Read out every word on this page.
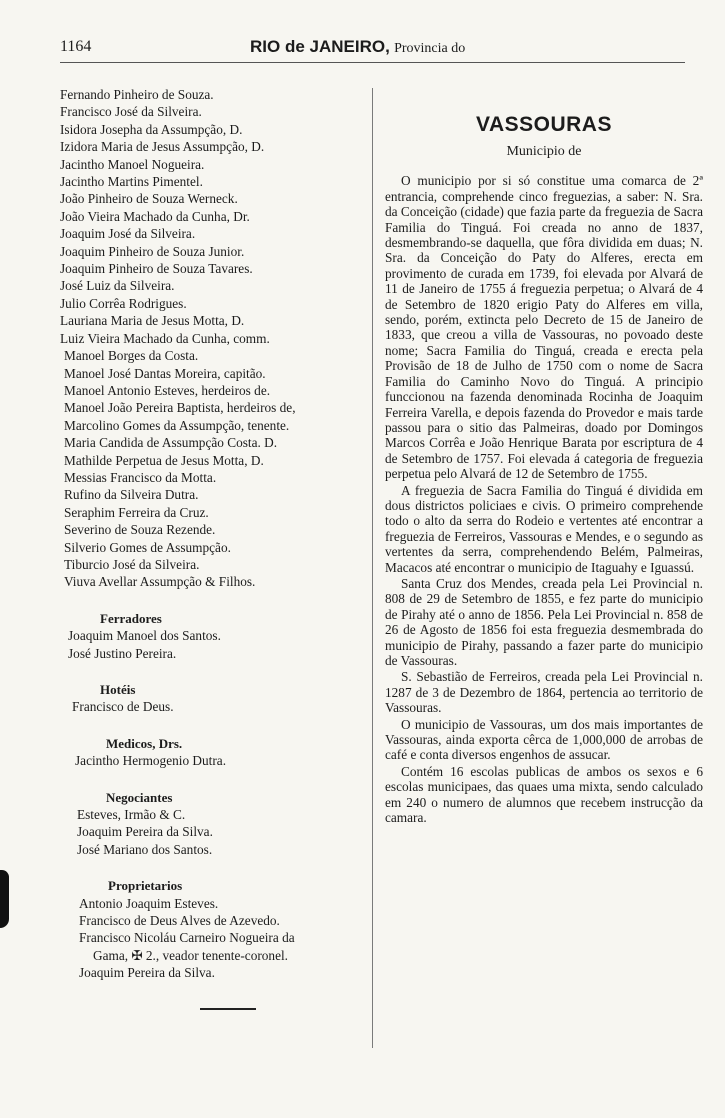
1164	RIO de JANEIRO, Provincia do
Fernando Pinheiro de Souza.
Francisco José da Silveira.
Isidora Josepha da Assumpção, D.
Izidora Maria de Jesus Assumpção, D.
Jacintho Manoel Nogueira.
Jacintho Martins Pimentel.
João Pinheiro de Souza Werneck.
João Vieira Machado da Cunha, Dr.
Joaquim José da Silveira.
Joaquim Pinheiro de Souza Junior.
Joaquim Pinheiro de Souza Tavares.
José Luiz da Silveira.
Julio Corrêa Rodrigues.
Lauriana Maria de Jesus Motta, D.
Luiz Vieira Machado da Cunha, comm.
Manoel Borges da Costa.
Manoel José Dantas Moreira, capitão.
Manoel Antonio Esteves, herdeiros de.
Manoel João Pereira Baptista, herdeiros de,
Marcolino Gomes da Assumpção, tenente.
Maria Candida de Assumpção Costa. D.
Mathilde Perpetua de Jesus Motta, D.
Messias Francisco da Motta.
Rufino da Silveira Dutra.
Seraphim Ferreira da Cruz.
Severino de Souza Rezende.
Silverio Gomes de Assumpção.
Tiburcio José da Silveira.
Viuva Avellar Assumpção & Filhos.
Ferradores
Joaquim Manoel dos Santos.
José Justino Pereira.
Hotéis
Francisco de Deus.
Medicos, Drs.
Jacintho Hermogenio Dutra.
Negociantes
Esteves, Irmão & C.
Joaquim Pereira da Silva.
José Mariano dos Santos.
Proprietarios
Antonio Joaquim Esteves.
Francisco de Deus Alves de Azevedo.
Francisco Nicoláu Carneiro Nogueira da
Gama, ✠ 2., veador tenente-coronel.
Joaquim Pereira da Silva.
VASSOURAS
Municipio de

O municipio por si só constitue uma comarca de 2ª entrancia, comprehende cinco freguezias, a saber: N. Sra. da Conceição (cidade) que fazia parte da freguezia de Sacra Familia do Tinguá. Foi creada no anno de 1837, desmembrando-se daquella, que fôra dividida em duas; N. Sra. da Conceição do Paty do Alferes, erecta em provimento de curada em 1739, foi elevada por Alvará de 11 de Janeiro de 1755 á freguezia perpetua; o Alvará de 4 de Setembro de 1820 erigio Paty do Alferes em villa, sendo, porém, extincta pelo Decreto de 15 de Janeiro de 1833, que creou a villa de Vassouras, no povoado deste nome; Sacra Familia do Tinguá, creada e erecta pela Provisão de 18 de Julho de 1750 com o nome de Sacra Familia do Caminho Novo do Tinguá. A principio funccionou na fazenda denominada Rocinha de Joaquim Ferreira Varella, e depois fazenda do Provedor e mais tarde passou para o sitio das Palmeiras, doado por Domingos Marcos Corrêa e João Henrique Barata por escriptura de 4 de Setembro de 1757. Foi elevada á categoria de freguezia perpetua pelo Alvará de 12 de Setembro de 1755.

A freguezia de Sacra Familia do Tinguá é dividida em dous districtos policiaes e civis. O primeiro comprehende todo o alto da serra do Rodeio e vertentes até encontrar a freguezia de Ferreiros, Vassouras e Mendes, e o segundo as vertentes da serra, comprehendendo Belém, Palmeiras, Macacos até encontrar o municipio de Itaguahy e Iguassú.

Santa Cruz dos Mendes, creada pela Lei Provincial n. 808 de 29 de Setembro de 1855, e fez parte do municipio de Pirahy até o anno de 1856. Pela Lei Provincial n. 858 de 26 de Agosto de 1856 foi esta freguezia desmembrada do municipio de Pirahy, passando a fazer parte do municipio de Vassouras.

S. Sebastião de Ferreiros, creada pela Lei Provincial n. 1287 de 3 de Dezembro de 1864, pertencia ao territorio de Vassouras.

O municipio de Vassouras, um dos mais importantes de Vassouras, ainda exporta cêrca de 1,000,000 de arrobas de café e conta diversos engenhos de assucar.

Contém 16 escolas publicas de ambos os sexos e 6 escolas municipaes, das quaes uma mixta, sendo calculado em 240 o numero de alumnos que recebem instrucção da camara.
